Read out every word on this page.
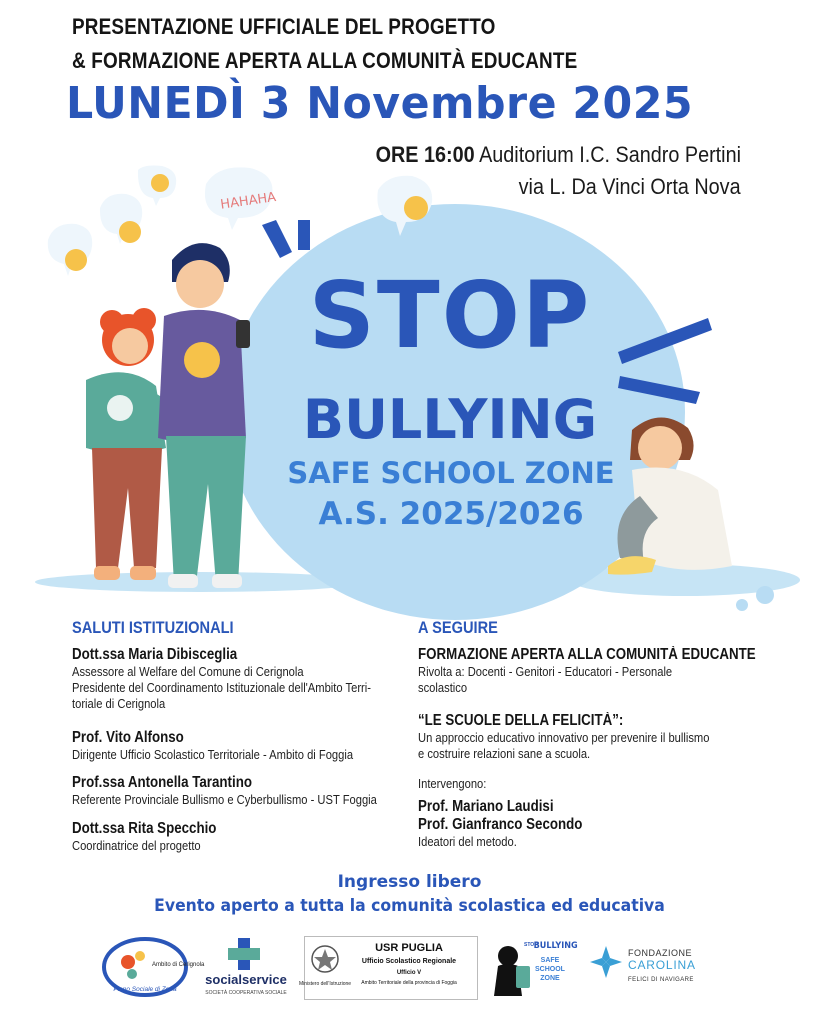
PRESENTAZIONE UFFICIALE DEL PROGETTO
& FORMAZIONE APERTA ALLA COMUNITÀ EDUCANTE
LUNEDÌ 3 Novembre 2025
ORE 16:00 Auditorium I.C. Sandro Pertini
via L. Da Vinci Orta Nova
HAHAHA
STOP
BULLYING
SAFE SCHOOL ZONE
A.S. 2025/2026
SALUTI ISTITUZIONALI
Dott.ssa Maria Dibisceglia
Assessore al Welfare del Comune di Cerignola
Presidente del Coordinamento Istituzionale dell'Ambito Terri-
toriale di Cerignola
Prof. Vito Alfonso
Dirigente Ufficio Scolastico Territoriale - Ambito di Foggia
Prof.ssa Antonella Tarantino
Referente Provinciale Bullismo e Cyberbullismo - UST Foggia
Dott.ssa Rita Specchio
Coordinatrice del progetto
A SEGUIRE
FORMAZIONE APERTA ALLA COMUNITÀ EDUCANTE
Rivolta a: Docenti - Genitori - Educatori - Personale
scolastico
“LE SCUOLE DELLA FELICITÀ”:
Un approccio educativo innovativo per prevenire il bullismo
e costruire relazioni sane a scuola.
Intervengono:
Prof. Mariano Laudisi
Prof. Gianfranco Secondo
Ideatori del metodo.
Ingresso libero
Evento aperto a tutta la comunità scolastica ed educativa
Ambito di Cerignola
Piano Sociale di Zona
socialservice
SOCIETÀ COOPERATIVA SOCIALE
Ministero dell'Istruzione
USR PUGLIA
Ufficio Scolastico Regionale
Ufficio V
Ambito Territoriale della provincia di Foggia
STOP
BULLYING
SAFE
SCHOOL
ZONE
FONDAZIONE
CAROLINA
FELICI DI NAVIGARE
